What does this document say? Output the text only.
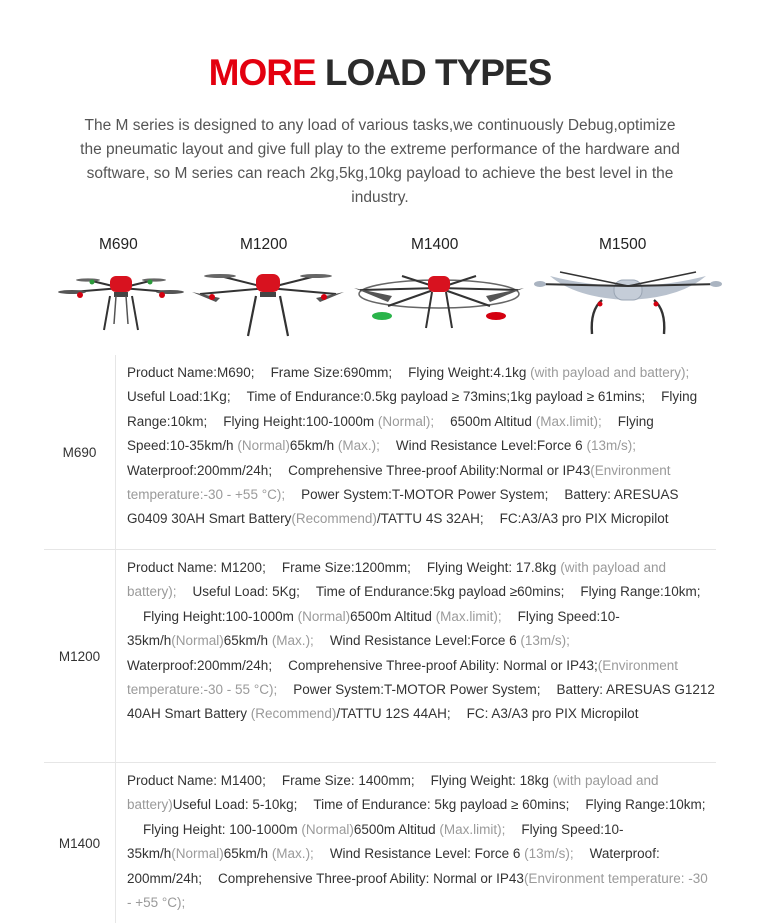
MORE LOAD TYPES
The M series is designed to any load of various tasks,we continuously Debug,optimize the pneumatic layout and give full play to the extreme performance of the hardware and software, so M series can reach 2kg,5kg,10kg payload to achieve the best level in the industry.
M690	M1200	M1400	M1500
M690
Product Name:M690; Frame Size:690mm; Flying Weight:4.1kg (with payload and battery);Useful Load:1Kg; Time of Endurance:0.5kg payload ≥ 73mins;1kg payload ≥ 61mins; Flying Range:10km; Flying Height:100-1000m (Normal); 6500m Altitud (Max.limit); Flying Speed:10-35km/h (Normal)65km/h (Max.); Wind Resistance Level:Force 6 (13m/s);Waterproof:200mm/24h; Comprehensive Three-proof Ability:Normal or IP43(Environment temperature:-30 - +55 °C); Power System:T-MOTOR Power System; Battery: ARESUAS G0409 30AH Smart Battery(Recommend)/TATTU 4S 32AH; FC:A3/A3 pro PIX Micropilot
M1200
Product Name: M1200; Frame Size:1200mm; Flying Weight: 17.8kg (with payload and battery); Useful Load: 5Kg; Time of Endurance:5kg payload ≥60mins; Flying Range:10km;Flying Height:100-1000m (Normal)6500m Altitud (Max.limit); Flying Speed:10-35km/h(Normal)65km/h (Max.); Wind Resistance Level:Force 6 (13m/s);Waterproof:200mm/24h; Comprehensive Three-proof Ability: Normal or IP43;(Environment temperature:-30 - 55 °C); Power System:T-MOTOR Power System; Battery: ARESUAS G1212 40AH Smart Battery (Recommend)/TATTU 12S 44AH; FC: A3/A3 pro PIX Micropilot
M1400
Product Name: M1400; Frame Size: 1400mm; Flying Weight: 18kg (with payload and battery)Useful Load: 5-10kg; Time of Endurance: 5kg payload ≥ 60mins; Flying Range:10km;Flying Height: 100-1000m (Normal)6500m Altitud (Max.limit); Flying Speed:10-35km/h(Normal)65km/h (Max.); Wind Resistance Level: Force 6 (13m/s); Waterproof: 200mm/24h; Comprehensive Three-proof Ability: Normal or IP43(Environment temperature: -30 - +55 °C);
